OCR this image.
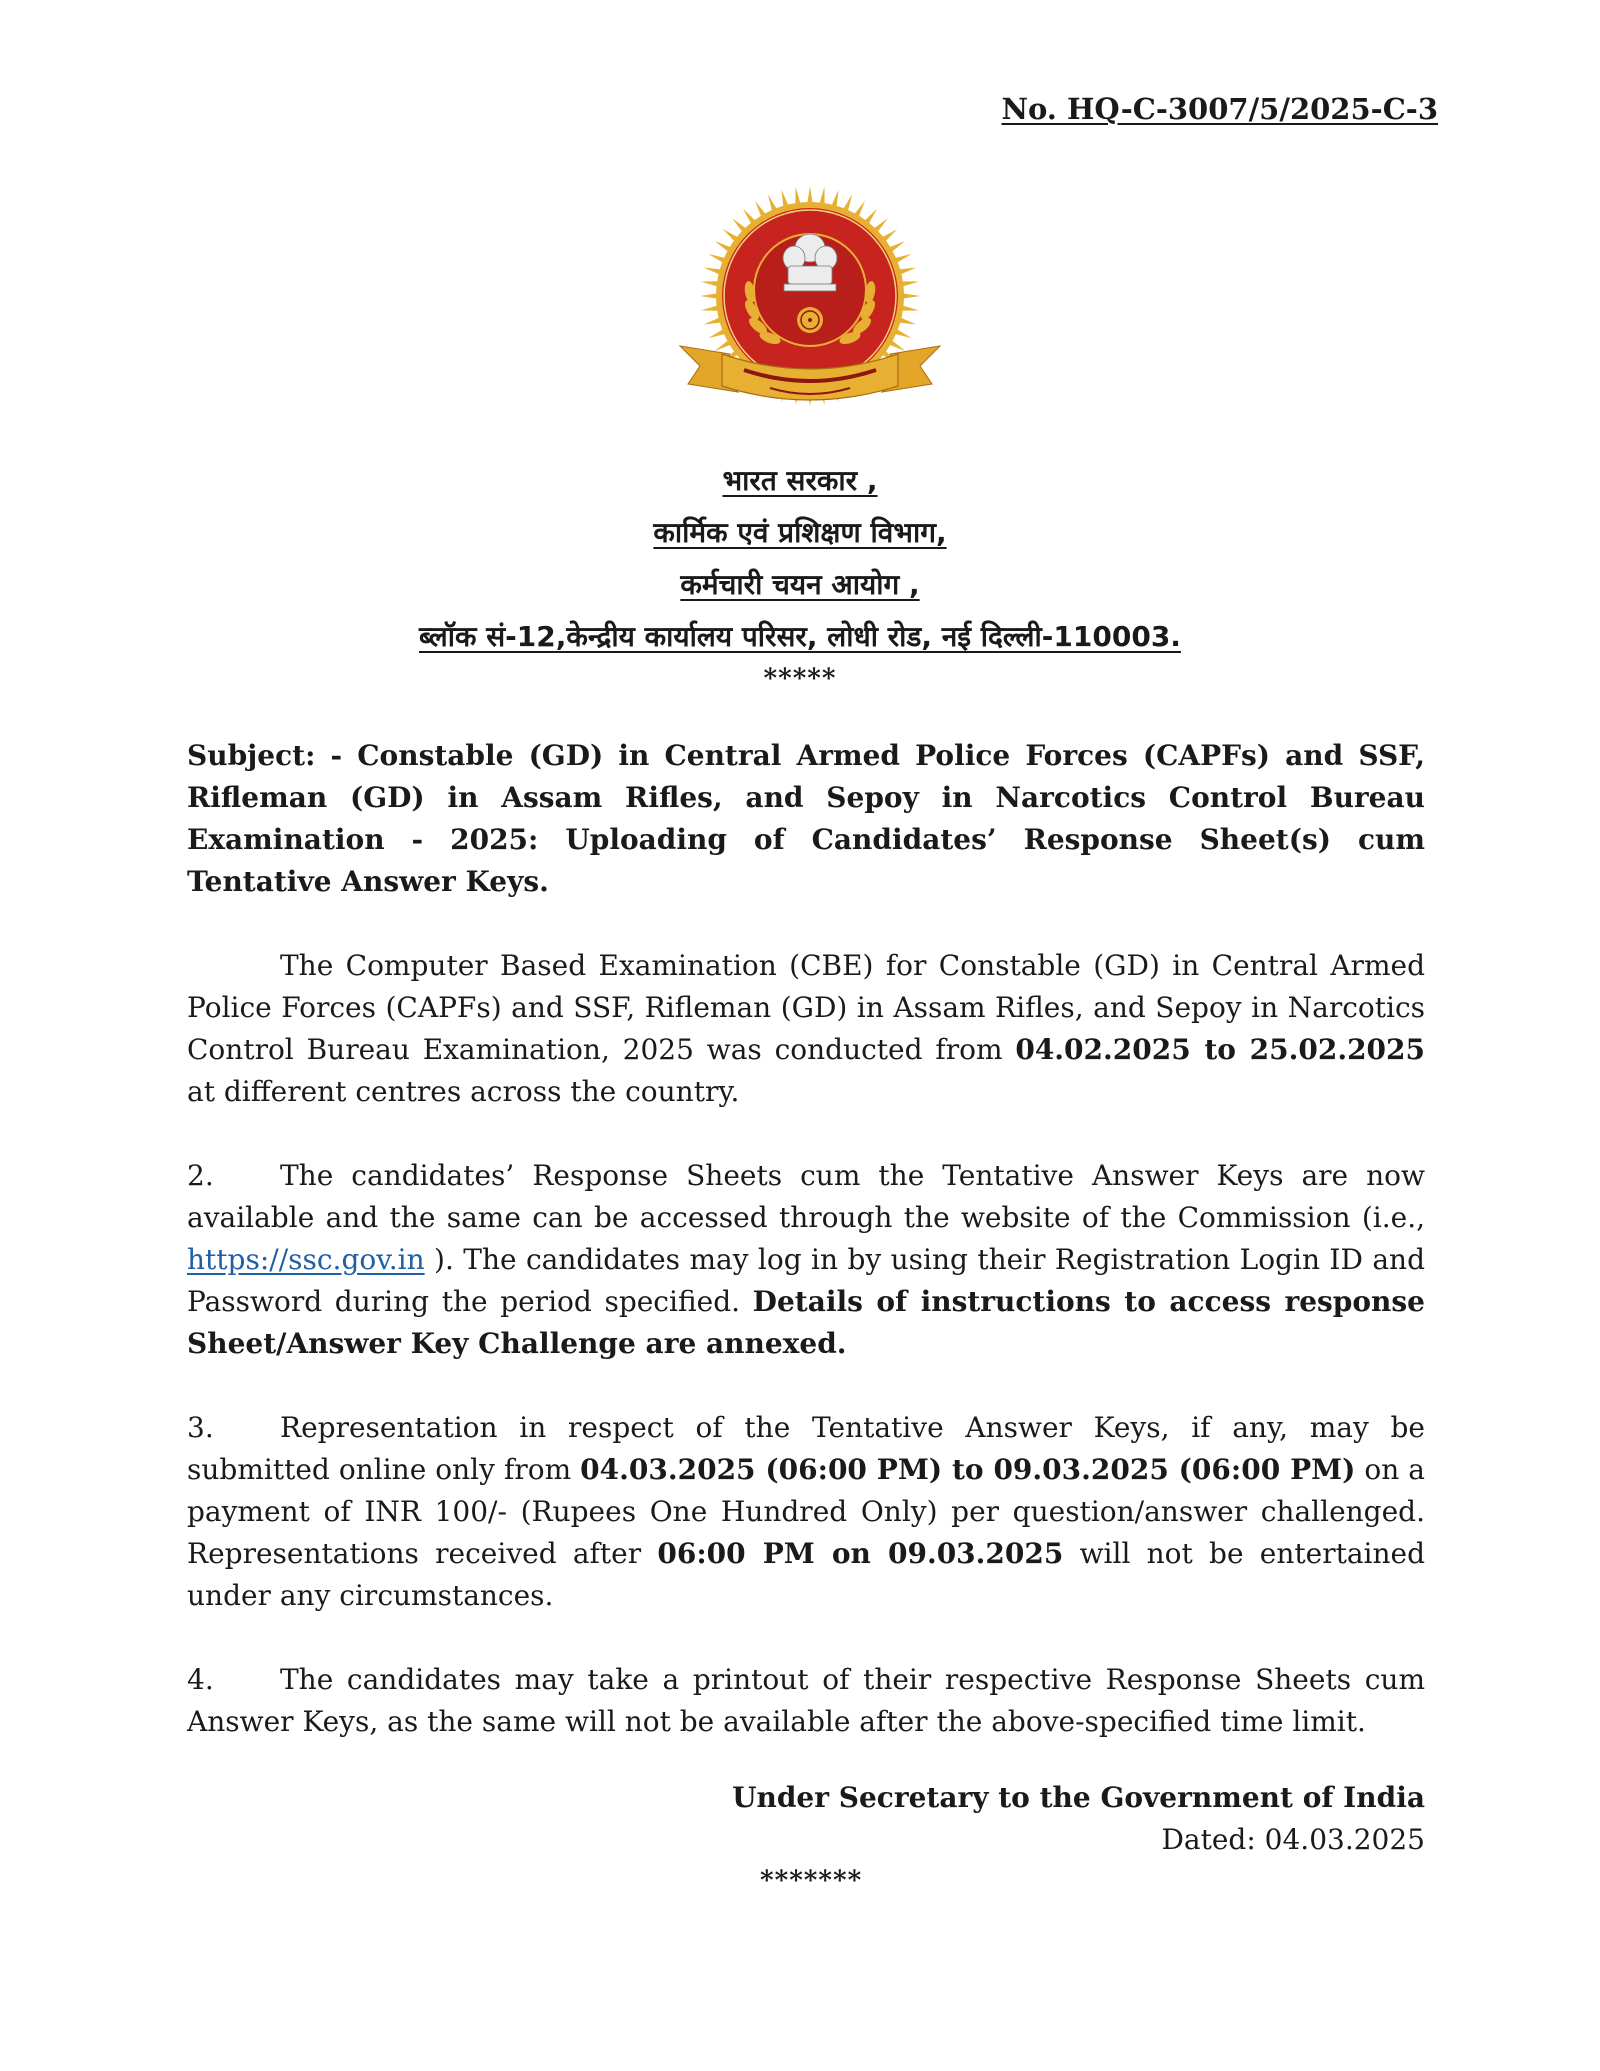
No. HQ-C-3007/5/2025-C-3
भारत सरकार ,
कार्मिक एवं प्रशिक्षण विभाग,
कर्मचारी चयन आयोग ,
ब्लॉक सं-12,केन्द्रीय कार्यालय परिसर, लोधी रोड, नई दिल्ली-110003.
*****

Subject: - Constable (GD) in Central Armed Police Forces (CAPFs) and SSF, Rifleman (GD) in Assam Rifles, and Sepoy in Narcotics Control Bureau Examination - 2025: Uploading of Candidates’ Response Sheet(s) cum Tentative Answer Keys.

The Computer Based Examination (CBE) for Constable (GD) in Central Armed Police Forces (CAPFs) and SSF, Rifleman (GD) in Assam Rifles, and Sepoy in Narcotics Control Bureau Examination, 2025 was conducted from 04.02.2025 to 25.02.2025 at different centres across the country.

2. The candidates’ Response Sheets cum the Tentative Answer Keys are now available and the same can be accessed through the website of the Commission (i.e., https://ssc.gov.in ). The candidates may log in by using their Registration Login ID and Password during the period specified. Details of instructions to access response Sheet/Answer Key Challenge are annexed.

3. Representation in respect of the Tentative Answer Keys, if any, may be submitted online only from 04.03.2025 (06:00 PM) to 09.03.2025 (06:00 PM) on a payment of INR 100/- (Rupees One Hundred Only) per question/answer challenged. Representations received after 06:00 PM on 09.03.2025 will not be entertained under any circumstances.

4. The candidates may take a printout of their respective Response Sheets cum Answer Keys, as the same will not be available after the above-specified time limit.

Under Secretary to the Government of India
Dated: 04.03.2025
*******
